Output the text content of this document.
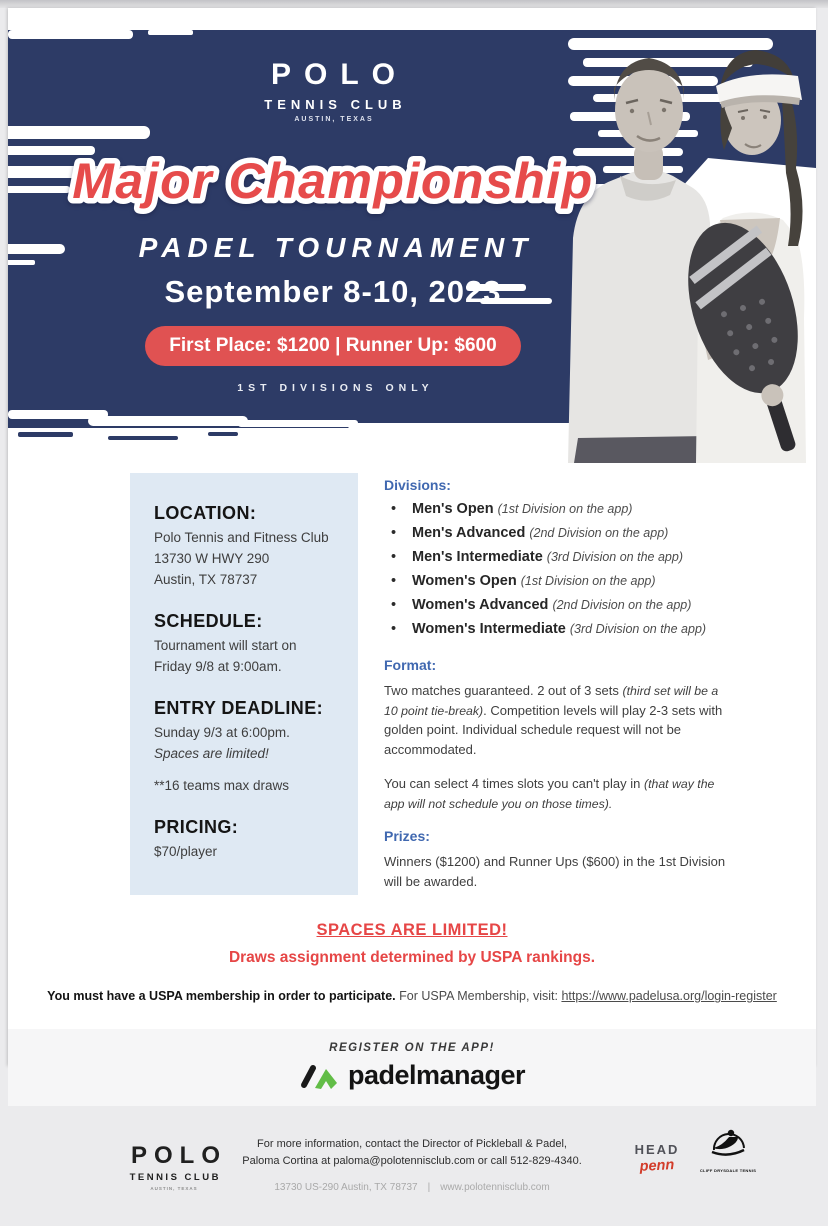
POLO
TENNIS CLUB
AUSTIN, TEXAS
Major Championship
PADEL TOURNAMENT
September 8-10, 2023
First Place: $1200 | Runner Up: $600
1ST DIVISIONS ONLY
LOCATION:
Polo Tennis and Fitness Club
13730 W HWY 290
Austin, TX 78737
SCHEDULE:
Tournament will start on
Friday 9/8 at 9:00am.
ENTRY DEADLINE:
Sunday 9/3 at 6:00pm.
Spaces are limited!
**16 teams max draws
PRICING:
$70/player
Divisions:
• Men's Open (1st Division on the app)
• Men's Advanced (2nd Division on the app)
• Men's Intermediate (3rd Division on the app)
• Women's Open (1st Division on the app)
• Women's Advanced (2nd Division on the app)
• Women's Intermediate (3rd Division on the app)
Format:

Two matches guaranteed. 2 out of 3 sets (third set will be a 10 point tie-break). Competition levels will play 2-3 sets with golden point. Individual schedule request will not be accommodated.

You can select 4 times slots you can't play in (that way the app will not schedule you on those times).

Prizes:

Winners ($1200) and Runner Ups ($600) in the 1st Division will be awarded.

SPACES ARE LIMITED!
Draws assignment determined by USPA rankings.
You must have a USPA membership in order to participate. For USPA Membership, visit: https://www.padelusa.org/login-register
REGISTER ON THE APP!
padelmanager
POLO
TENNIS CLUB
AUSTIN, TEXAS
For more information, contact the Director of Pickleball & Padel,
Paloma Cortina at paloma@polotennisclub.com or call 512-829-4340.
13730 US-290 Austin, TX 78737 | www.polotennisclub.com
HEAD
penn	CLIFF DRYSDALE TENNIS
